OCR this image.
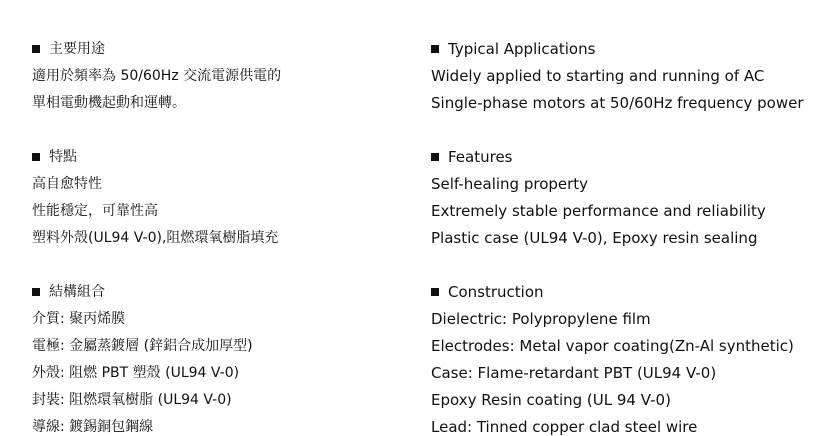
主要用途
適用於頻率為 50/60Hz 交流電源供電的
單相電動機起動和運轉。
特點
高自愈特性
性能穩定，可靠性高
塑料外殼(UL94 V-0),阻燃環氧樹脂填充
結構組合
介質: 聚丙烯膜
電極: 金屬蒸鍍層 (鋅鋁合成加厚型)
外殼: 阻燃 PBT 塑殼 (UL94 V-0)
封裝: 阻燃環氧樹脂 (UL94 V-0)
導線: 鍍錫銅包鋼線
Typical Applications
Widely applied to starting and running of AC
Single-phase motors at 50/60Hz frequency power
Features
Self-healing property
Extremely stable performance and reliability
Plastic case (UL94 V-0), Epoxy resin sealing
Construction
Dielectric: Polypropylene film
Electrodes: Metal vapor coating(Zn-Al synthetic)
Case: Flame-retardant PBT (UL94 V-0)
Epoxy Resin coating (UL 94 V-0)
Lead: Tinned copper clad steel wire
